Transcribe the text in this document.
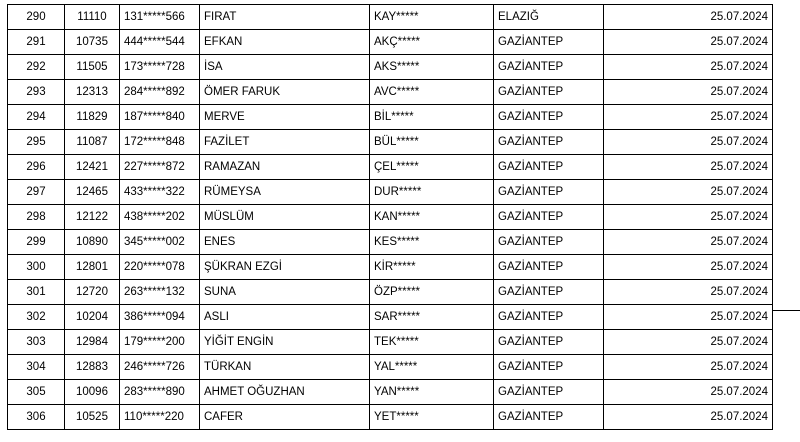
290	11110	131*****566	FIRAT	KAY*****	ELAZIĞ	25.07.2024
291	10735	444*****544	EFKAN	AKÇ*****	GAZİANTEP	25.07.2024
292	11505	173*****728	İSA	AKS*****	GAZİANTEP	25.07.2024
293	12313	284*****892	ÖMER FARUK	AVC*****	GAZİANTEP	25.07.2024
294	11829	187*****840	MERVE	BİL*****	GAZİANTEP	25.07.2024
295	11087	172*****848	FAZİLET	BÜL*****	GAZİANTEP	25.07.2024
296	12421	227*****872	RAMAZAN	ÇEL*****	GAZİANTEP	25.07.2024
297	12465	433*****322	RÜMEYSA	DUR*****	GAZİANTEP	25.07.2024
298	12122	438*****202	MÜSLÜM	KAN*****	GAZİANTEP	25.07.2024
299	10890	345*****002	ENES	KES*****	GAZİANTEP	25.07.2024
300	12801	220*****078	ŞÜKRAN EZGİ	KİR*****	GAZİANTEP	25.07.2024
301	12720	263*****132	SUNA	ÖZP*****	GAZİANTEP	25.07.2024
302	10204	386*****094	ASLI	SAR*****	GAZİANTEP	25.07.2024
303	12984	179*****200	YİĞİT ENGİN	TEK*****	GAZİANTEP	25.07.2024
304	12883	246*****726	TÜRKAN	YAL*****	GAZİANTEP	25.07.2024
305	10096	283*****890	AHMET OĞUZHAN	YAN*****	GAZİANTEP	25.07.2024
306	10525	110*****220	CAFER	YET*****	GAZİANTEP	25.07.2024
